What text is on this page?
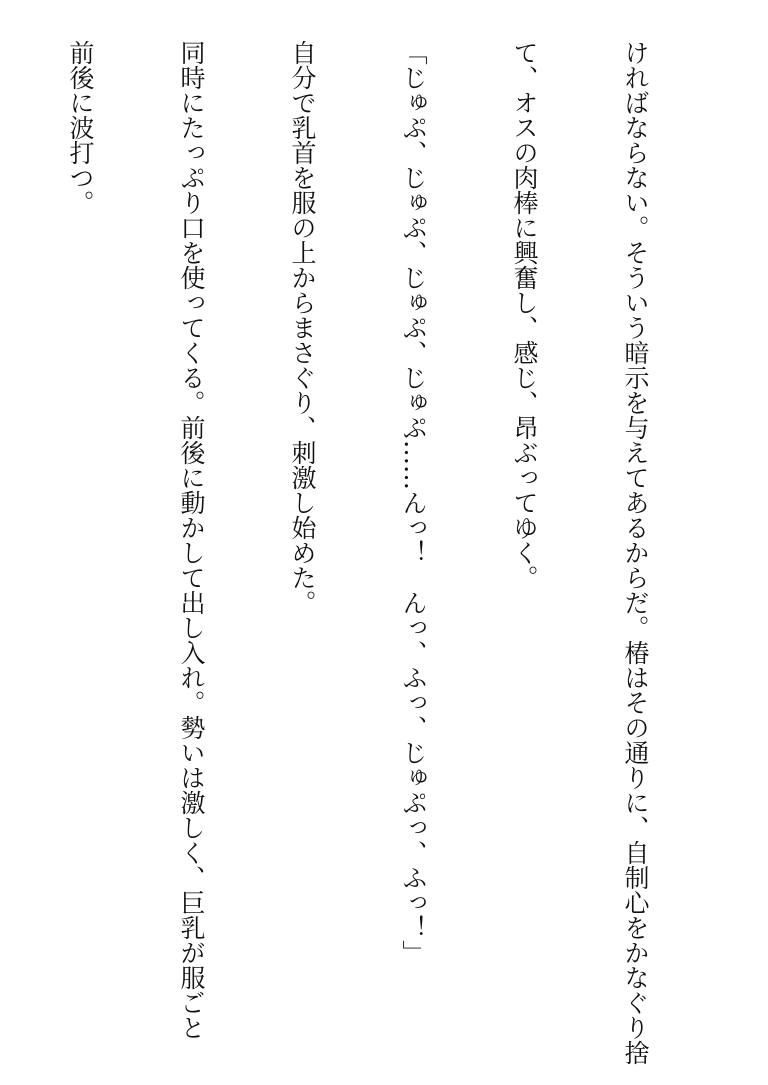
ければならない。そういう暗示を与えてあるからだ。椿はその通りに、自制心をかなぐり捨

て、オスの肉棒に興奮し、感じ、昂ぶってゆく。

「じゅぷ、じゅぷ、じゅぷ、じゅぷ……んっ！　んっ、ふっ、じゅぷっ、ふっ！」

自分で乳首を服の上からまさぐり、刺激し始めた。

同時にたっぷり口を使ってくる。前後に動かして出し入れ。勢いは激しく、巨乳が服ごと

前後に波打つ。
